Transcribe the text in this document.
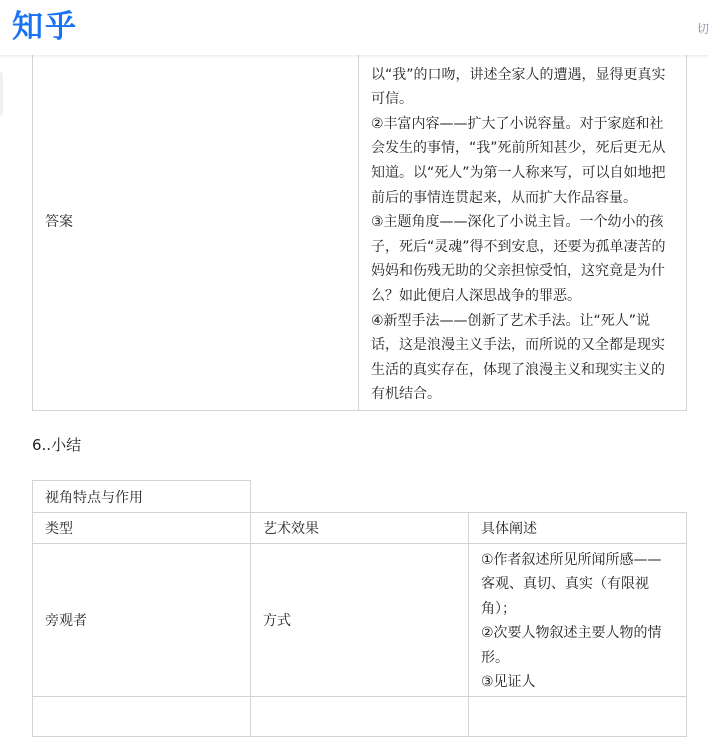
答案	

以“我”的口吻，讲述全家人的遭遇，显得更真实可信。

②丰富内容——扩大了小说容量。对于家庭和社会发生的事情，“我”死前所知甚少，死后更无从知道。以“死人”为第一人称来写，可以自如地把前后的事情连贯起来，从而扩大作品容量。

③主题角度——深化了小说主旨。一个幼小的孩子，死后“灵魂”得不到安息，还要为孤单凄苦的妈妈和伤残无助的父亲担惊受怕，这究竟是为什么？如此便启人深思战争的罪恶。

④新型手法——创新了艺术手法。让“死人”说话，这是浪漫主义手法，而所说的又全都是现实生活的真实存在，体现了浪漫主义和现实主义的有机结合。

6..小结
视角特点与作用		
类型	艺术效果	具体阐述
旁观者	方式	①作者叙述所见所闻所感——客观、真切、真实（有限视角）；
②次要人物叙述主要人物的情形。
③见证人

知乎	切
